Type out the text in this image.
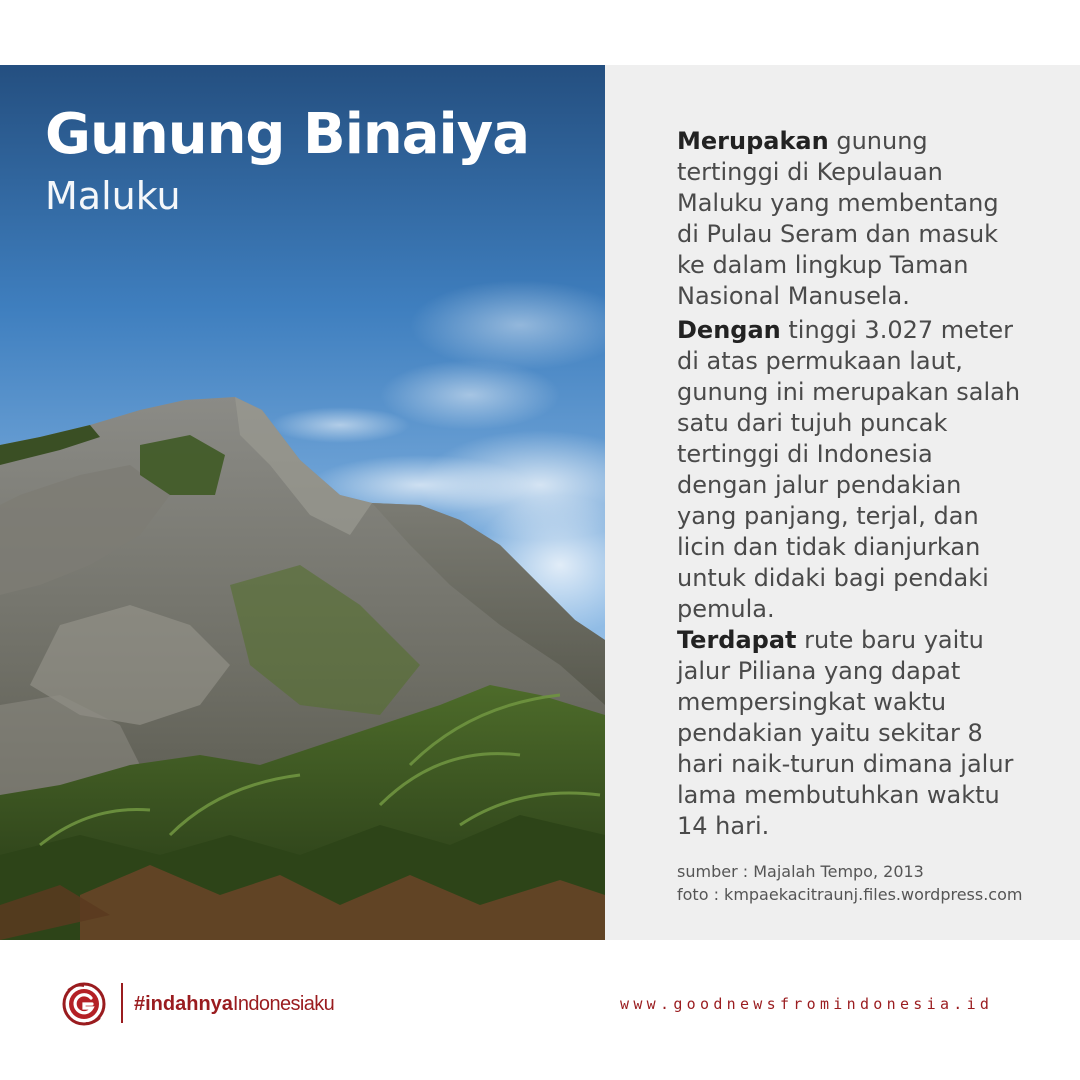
Gunung Binaiya
Maluku

Merupakan gunung tertinggi di Kepulauan Maluku yang membentang di Pulau Seram dan masuk ke dalam lingkup Taman Nasional Manusela.

Dengan tinggi 3.027 meter di atas permukaan laut, gunung ini merupakan salah satu dari tujuh puncak tertinggi di Indonesia dengan jalur pendakian yang panjang, terjal, dan licin dan tidak dianjurkan untuk didaki bagi pendaki pemula.

Terdapat rute baru yaitu jalur Piliana yang dapat mempersingkat waktu pendakian yaitu sekitar 8 hari naik-turun dimana jalur lama membutuhkan waktu 14 hari.

sumber : Majalah Tempo, 2013
foto : kmpaekacitraunj.files.wordpress.com
#indahnyaIndonesiaku	www.goodnewsfromindonesia.id
